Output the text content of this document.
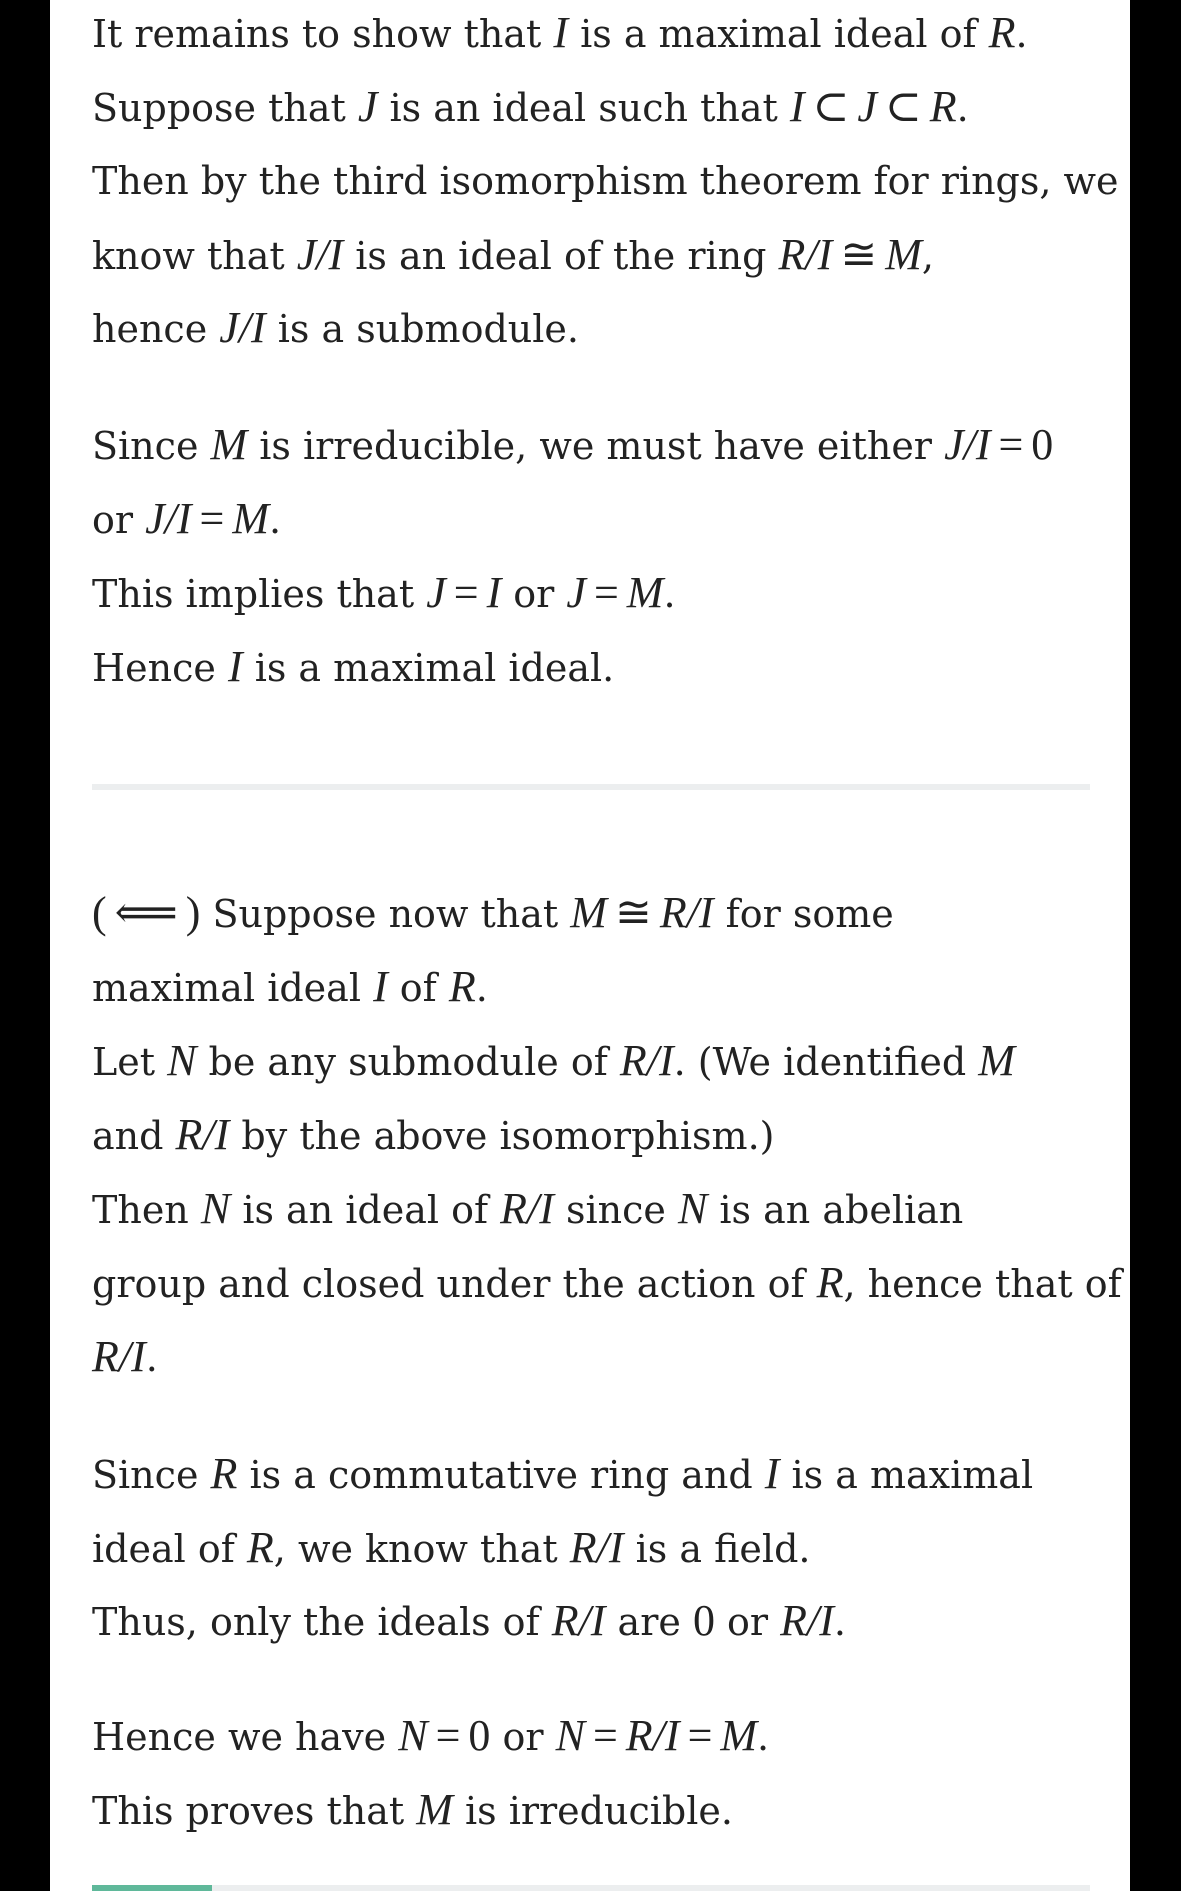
It remains to show that I is a maximal ideal of R.
Suppose that J is an ideal such that I ⊂ J ⊂ R.
Then by the third isomorphism theorem for rings, we
know that J/I is an ideal of the ring R/I ≅ M,
hence J/I is a submodule.
Since M is irreducible, we must have either J/I = 0
or J/I = M.
This implies that J = I or J = M.
Hence I is a maximal ideal.
( ⟸ ) Suppose now that M ≅ R/I for some
maximal ideal I of R.
Let N be any submodule of R/I. (We identified M
and R/I by the above isomorphism.)
Then N is an ideal of R/I since N is an abelian
group and closed under the action of R, hence that of
R/I.
Since R is a commutative ring and I is a maximal
ideal of R, we know that R/I is a field.
Thus, only the ideals of R/I are 0 or R/I.
Hence we have N = 0 or N = R/I = M.
This proves that M is irreducible.
